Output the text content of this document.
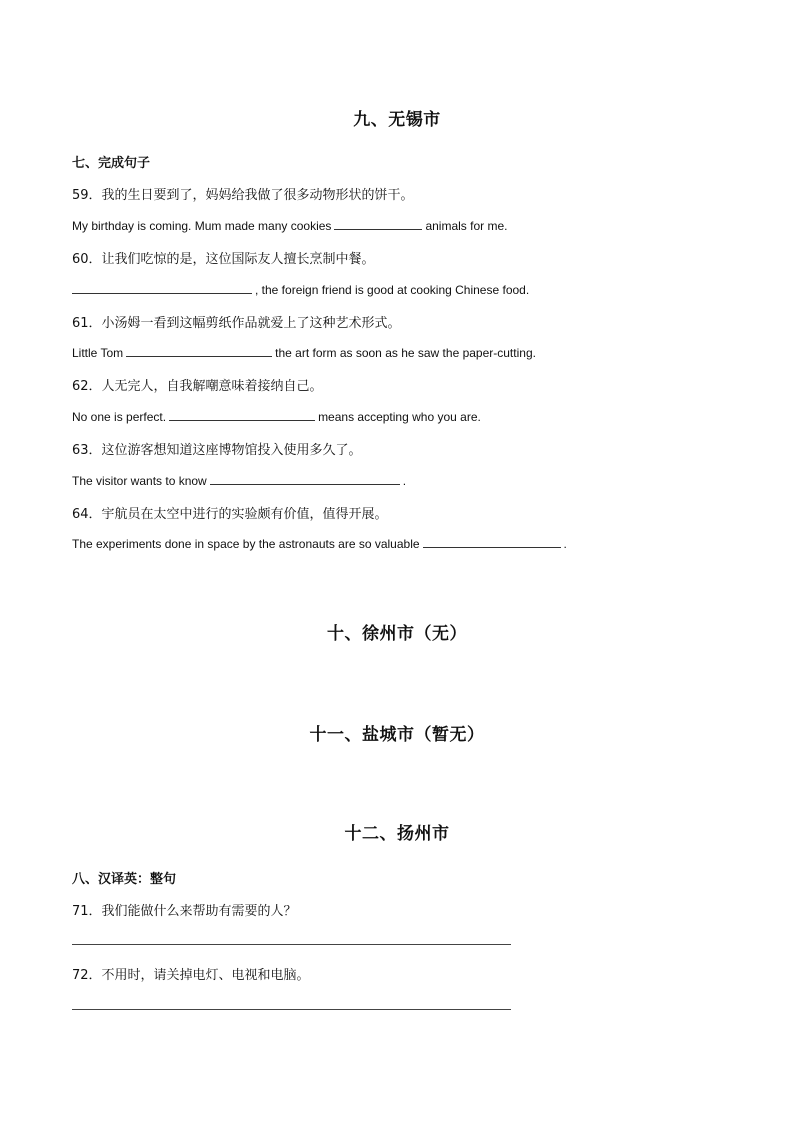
九、无锡市
七、完成句子
59．我的生日要到了，妈妈给我做了很多动物形状的饼干。
My birthday is coming. Mum made many cookies	animals for me.
60．让我们吃惊的是，这位国际友人擅长烹制中餐。
, the foreign friend is good at cooking Chinese food.
61．小汤姆一看到这幅剪纸作品就爱上了这种艺术形式。
Little Tom	the art form as soon as he saw the paper-cutting.
62．人无完人，自我解嘲意味着接纳自己。
No one is perfect.	means accepting who you are.
63．这位游客想知道这座博物馆投入使用多久了。
The visitor wants to know	.
64．宇航员在太空中进行的实验颇有价值，值得开展。
The experiments done in space by the astronauts are so valuable	.
十、徐州市（无）
十一、盐城市（暂无）
十二、扬州市
八、汉译英：整句
71．我们能做什么来帮助有需要的人？
72．不用时，请关掉电灯、电视和电脑。
